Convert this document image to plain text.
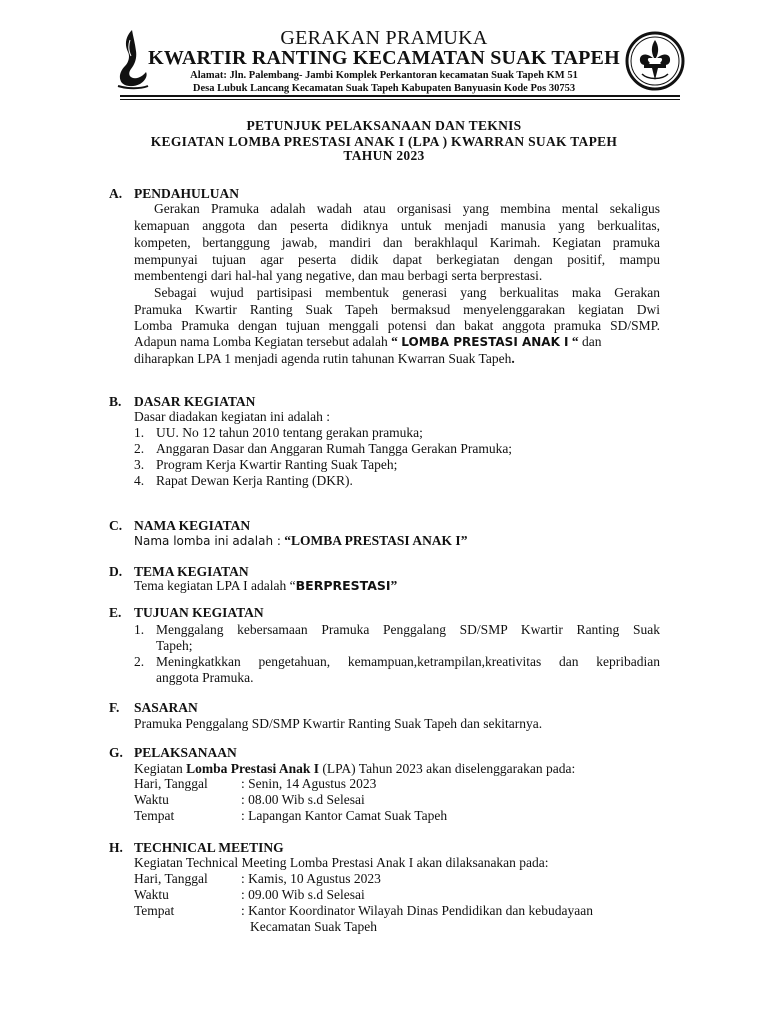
GERAKAN PRAMUKA
KWARTIR RANTING KECAMATAN SUAK TAPEH
Alamat: Jln. Palembang- Jambi Komplek Perkantoran kecamatan Suak Tapeh KM 51
Desa Lubuk Lancang Kecamatan Suak Tapeh Kabupaten Banyuasin Kode Pos 30753
PETUNJUK PELAKSANAAN DAN TEKNIS
KEGIATAN LOMBA PRESTASI ANAK I (LPA ) KWARRAN SUAK TAPEH
TAHUN 2023
A. PENDAHULUAN
Gerakan Pramuka adalah wadah atau organisasi yang membina mental sekaligus
kemapuan anggota dan peserta didiknya untuk menjadi manusia yang berkualitas,
kompeten, bertanggung jawab, mandiri dan berakhlaqul Karimah. Kegiatan pramuka
mempunyai tujuan agar peserta didik dapat berkegiatan dengan positif, mampu
membentengi dari hal-hal yang negative, dan mau berbagi serta berprestasi.
Sebagai wujud partisipasi membentuk generasi yang berkualitas maka Gerakan
Pramuka Kwartir Ranting Suak Tapeh bermaksud menyelenggarakan kegiatan Dwi
Lomba Pramuka dengan tujuan menggali potensi dan bakat anggota pramuka SD/SMP.
Adapun nama Lomba Kegiatan tersebut adalah “ LOMBA PRESTASI ANAK I “ dan
diharapkan LPA 1 menjadi agenda rutin tahunan Kwarran Suak Tapeh.
B. DASAR KEGIATAN
Dasar diadakan kegiatan ini adalah :
1. UU. No 12 tahun 2010 tentang gerakan pramuka;
2. Anggaran Dasar dan Anggaran Rumah Tangga Gerakan Pramuka;
3. Program Kerja Kwartir Ranting Suak Tapeh;
4. Rapat Dewan Kerja Ranting (DKR).
C. NAMA KEGIATAN
Nama lomba ini adalah : “LOMBA PRESTASI ANAK I”
D. TEMA KEGIATAN
Tema kegiatan LPA I adalah “BERPRESTASI”
E. TUJUAN KEGIATAN
1. Menggalang kebersamaan Pramuka Penggalang SD/SMP Kwartir Ranting Suak
Tapeh;
2. Meningkatkkan pengetahuan, kemampuan,ketrampilan,kreativitas dan kepribadian
anggota Pramuka.
F. SASARAN
Pramuka Penggalang SD/SMP Kwartir Ranting Suak Tapeh dan sekitarnya.
G. PELAKSANAAN
Kegiatan Lomba Prestasi Anak I (LPA) Tahun 2023 akan diselenggarakan pada:
Hari, Tanggal : Senin, 14 Agustus 2023
Waktu	: 08.00 Wib s.d Selesai
Tempat	: Lapangan Kantor Camat Suak Tapeh
H. TECHNICAL MEETING
Kegiatan Technical Meeting Lomba Prestasi Anak I akan dilaksanakan pada:
Hari, Tanggal : Kamis, 10 Agustus 2023
Waktu	: 09.00 Wib s.d Selesai
Tempat	: Kantor Koordinator Wilayah Dinas Pendidikan dan kebudayaan
Kecamatan Suak Tapeh
